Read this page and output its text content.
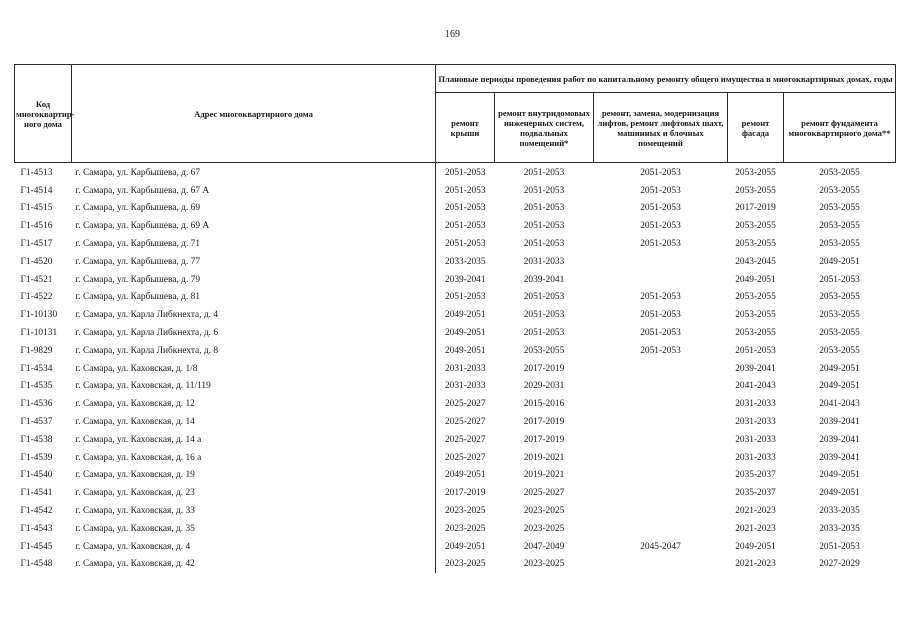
169
Код многоквартир-ного дома	Адрес многоквартирного дома	Плановые периоды проведения работ по капитальному ремонту общего имущества в многоквартирных домах, годы				
		ремонт крыши	ремонт внутридомовых инженерных систем, подвальных помещений*	ремонт, замена, модернизация лифтов, ремонт лифтовых шахт, машинных и блочных помещений	ремонт фасада	ремонт фундамента многоквартирного дома**
Г1-4513	г. Самара, ул. Карбышева, д. 67	2051-2053	2051-2053	2051-2053	2053-2055	2053-2055
Г1-4514	г. Самара, ул. Карбышева, д. 67 А	2051-2053	2051-2053	2051-2053	2053-2055	2053-2055
Г1-4515	г. Самара, ул. Карбышева, д. 69	2051-2053	2051-2053	2051-2053	2017-2019	2053-2055
Г1-4516	г. Самара, ул. Карбышева, д. 69 А	2051-2053	2051-2053	2051-2053	2053-2055	2053-2055
Г1-4517	г. Самара, ул. Карбышева, д. 71	2051-2053	2051-2053	2051-2053	2053-2055	2053-2055
Г1-4520	г. Самара, ул. Карбышева, д. 77	2033-2035	2031-2033		2043-2045	2049-2051
Г1-4521	г. Самара, ул. Карбышева, д. 79	2039-2041	2039-2041		2049-2051	2051-2053
Г1-4522	г. Самара, ул. Карбышева, д. 81	2051-2053	2051-2053	2051-2053	2053-2055	2053-2055
Г1-10130	г. Самара, ул. Карла Либкнехта, д. 4	2049-2051	2051-2053	2051-2053	2053-2055	2053-2055
Г1-10131	г. Самара, ул. Карла Либкнехта, д. 6	2049-2051	2051-2053	2051-2053	2053-2055	2053-2055
Г1-9829	г. Самара, ул. Карла Либкнехта, д. 8	2049-2051	2053-2055	2051-2053	2051-2053	2053-2055
Г1-4534	г. Самара, ул. Каховская, д. 1/8	2031-2033	2017-2019		2039-2041	2049-2051
Г1-4535	г. Самара, ул. Каховская, д. 11/119	2031-2033	2029-2031		2041-2043	2049-2051
Г1-4536	г. Самара, ул. Каховская, д. 12	2025-2027	2015-2016		2031-2033	2041-2043
Г1-4537	г. Самара, ул. Каховская, д. 14	2025-2027	2017-2019		2031-2033	2039-2041
Г1-4538	г. Самара, ул. Каховская, д. 14 а	2025-2027	2017-2019		2031-2033	2039-2041
Г1-4539	г. Самара, ул. Каховская, д. 16 а	2025-2027	2019-2021		2031-2033	2039-2041
Г1-4540	г. Самара, ул. Каховская, д. 19	2049-2051	2019-2021		2035-2037	2049-2051
Г1-4541	г. Самара, ул. Каховская, д. 23	2017-2019	2025-2027		2035-2037	2049-2051
Г1-4542	г. Самара, ул. Каховская, д. 33	2023-2025	2023-2025		2021-2023	2033-2035
Г1-4543	г. Самара, ул. Каховская, д. 35	2023-2025	2023-2025		2021-2023	2033-2035
Г1-4545	г. Самара, ул. Каховская, д. 4	2049-2051	2047-2049	2045-2047	2049-2051	2051-2053
Г1-4548	г. Самара, ул. Каховская, д. 42	2023-2025	2023-2025		2021-2023	2027-2029
